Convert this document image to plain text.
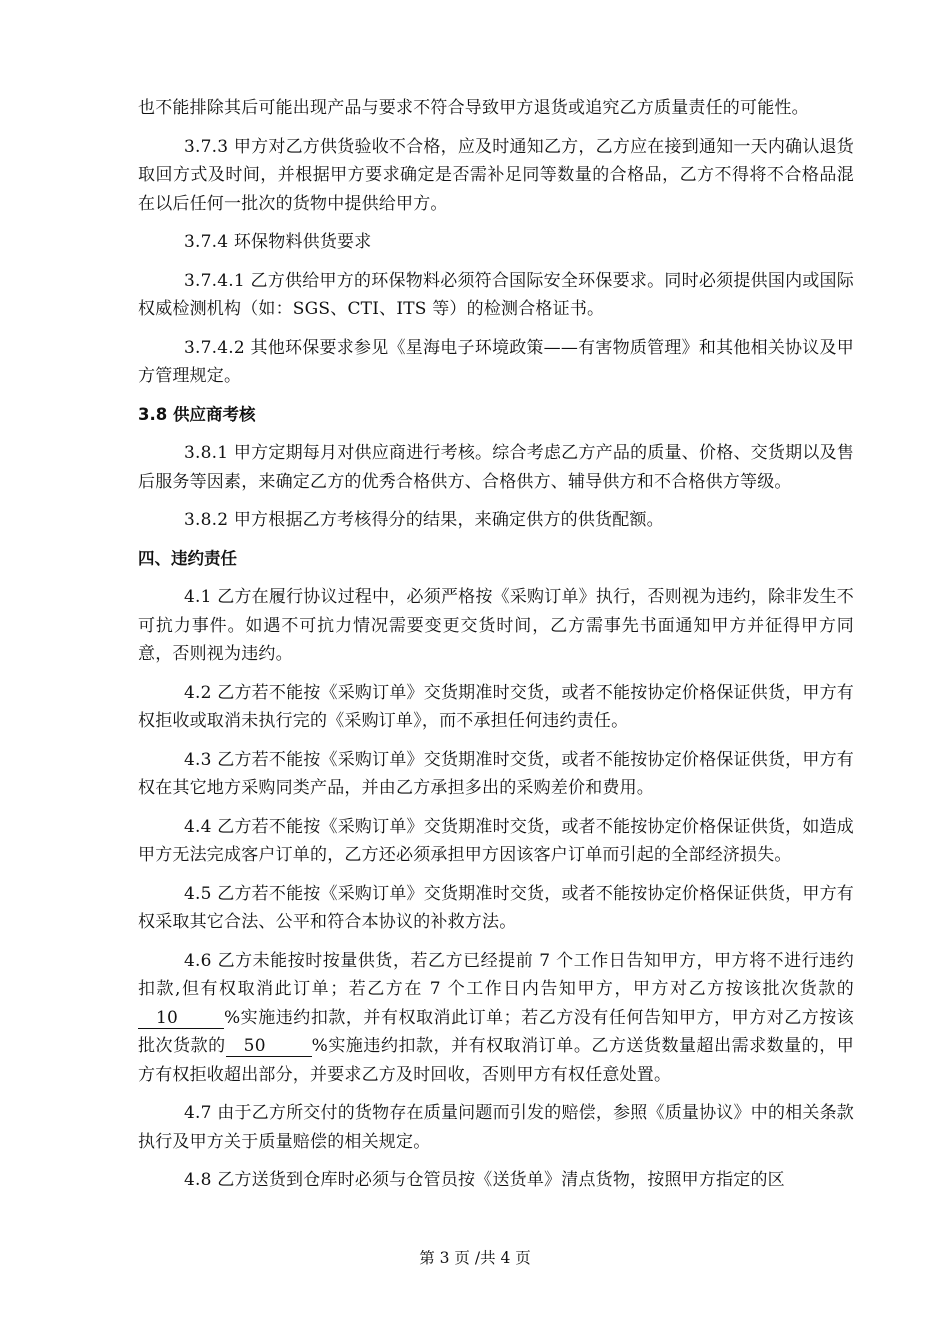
也不能排除其后可能出现产品与要求不符合导致甲方退货或追究乙方质量责任的可能性。

3.7.3 甲方对乙方供货验收不合格，应及时通知乙方，乙方应在接到通知一天内确认退货取回方式及时间，并根据甲方要求确定是否需补足同等数量的合格品，乙方不得将不合格品混在以后任何一批次的货物中提供给甲方。

3.7.4 环保物料供货要求

3.7.4.1 乙方供给甲方的环保物料必须符合国际安全环保要求。同时必须提供国内或国际权威检测机构（如：SGS、CTI、ITS 等）的检测合格证书。

3.7.4.2 其他环保要求参见《星海电子环境政策——有害物质管理》和其他相关协议及甲方管理规定。

3.8 供应商考核

3.8.1 甲方定期每月对供应商进行考核。综合考虑乙方产品的质量、价格、交货期以及售后服务等因素，来确定乙方的优秀合格供方、合格供方、辅导供方和不合格供方等级。

3.8.2 甲方根据乙方考核得分的结果，来确定供方的供货配额。

四、违约责任

4.1 乙方在履行协议过程中，必须严格按《采购订单》执行，否则视为违约，除非发生不可抗力事件。如遇不可抗力情况需要变更交货时间，乙方需事先书面通知甲方并征得甲方同意，否则视为违约。

4.2 乙方若不能按《采购订单》交货期准时交货，或者不能按协定价格保证供货，甲方有权拒收或取消未执行完的《采购订单》，而不承担任何违约责任。

4.3 乙方若不能按《采购订单》交货期准时交货，或者不能按协定价格保证供货，甲方有权在其它地方采购同类产品，并由乙方承担多出的采购差价和费用。

4.4 乙方若不能按《采购订单》交货期准时交货，或者不能按协定价格保证供货，如造成甲方无法完成客户订单的，乙方还必须承担甲方因该客户订单而引起的全部经济损失。

4.5 乙方若不能按《采购订单》交货期准时交货，或者不能按协定价格保证供货，甲方有权采取其它合法、公平和符合本协议的补救方法。

4.6 乙方未能按时按量供货，若乙方已经提前 7 个工作日告知甲方，甲方将不进行违约扣款,但有权取消此订单；若乙方在 7 个工作日内告知甲方，甲方对乙方按该批次货款的10	%实施违约扣款，并有权取消此订单；若乙方没有任何告知甲方，甲方对乙方按该批次货款的 50	%实施违约扣款，并有权取消订单。乙方送货数量超出需求数量的，甲方有权拒收超出部分，并要求乙方及时回收，否则甲方有权任意处置。

4.7 由于乙方所交付的货物存在质量问题而引发的赔偿，参照《质量协议》中的相关条款执行及甲方关于质量赔偿的相关规定。

4.8 乙方送货到仓库时必须与仓管员按《送货单》清点货物，按照甲方指定的区

第 3 页 /共 4 页
